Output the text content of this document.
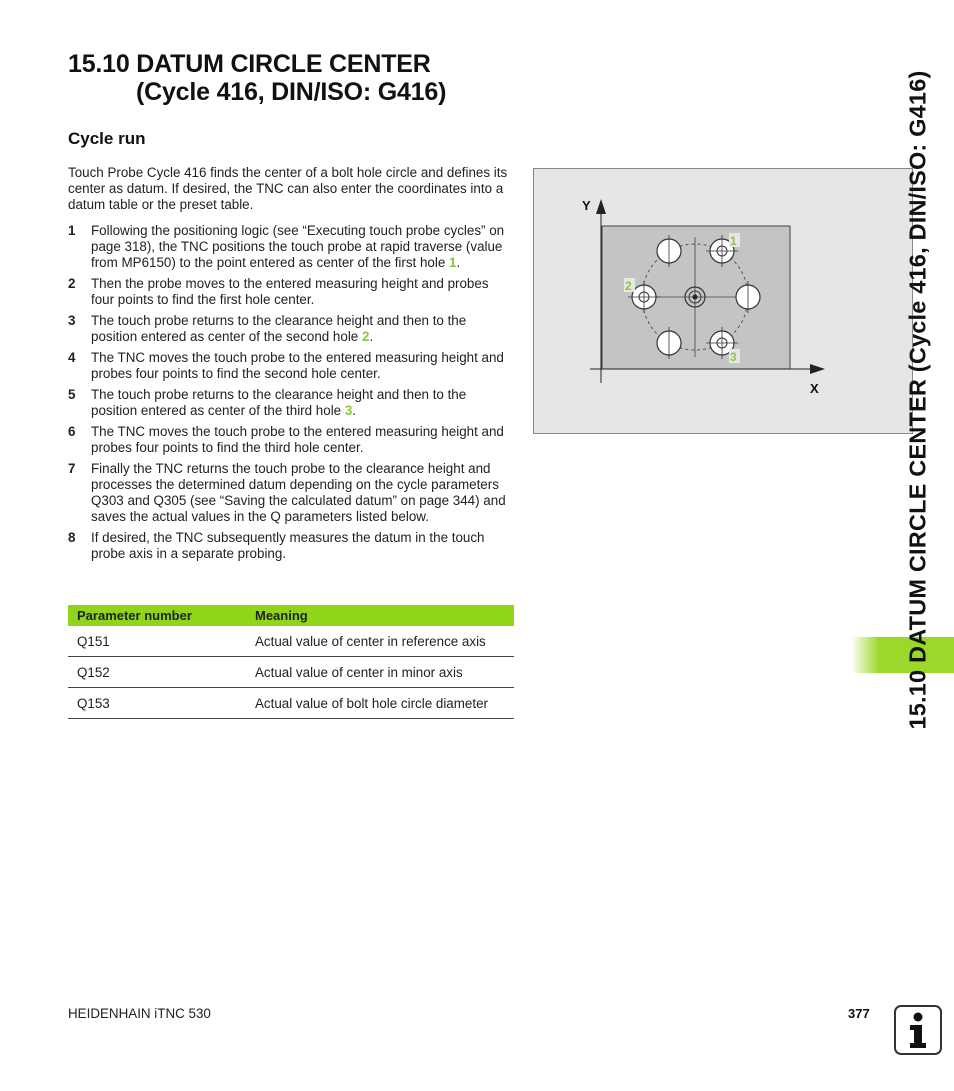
15.10 DATUM CIRCLE CENTER
(Cycle 416, DIN/ISO: G416)
Cycle run

Touch Probe Cycle 416 finds the center of a bolt hole circle and defines its center as datum. If desired, the TNC can also enter the coordinates into a datum table or the preset table.

1 Following the positioning logic (see “Executing touch probe cycles” on page 318), the TNC positions the touch probe at rapid traverse (value from MP6150) to the point entered as center of the first hole 1.
2 Then the probe moves to the entered measuring height and probes four points to find the first hole center.
3 The touch probe returns to the clearance height and then to the position entered as center of the second hole 2.
4 The TNC moves the touch probe to the entered measuring height and probes four points to find the second hole center.
5 The touch probe returns to the clearance height and then to the position entered as center of the third hole 3.
6 The TNC moves the touch probe to the entered measuring height and probes four points to find the third hole center.
7 Finally the TNC returns the touch probe to the clearance height and processes the determined datum depending on the cycle parameters Q303 and Q305 (see “Saving the calculated datum” on page 344) and saves the actual values in the Q parameters listed below.
8 If desired, the TNC subsequently measures the datum in the touch probe axis in a separate probing.
Parameter number	Meaning
Q151	Actual value of center in reference axis
Q152	Actual value of center in minor axis
Q153	Actual value of bolt hole circle diameter
Y
X
1
2
3	15.10 DATUM CIRCLE CENTER (Cycle 416, DIN/ISO: G416)
HEIDENHAIN iTNC 530	377
